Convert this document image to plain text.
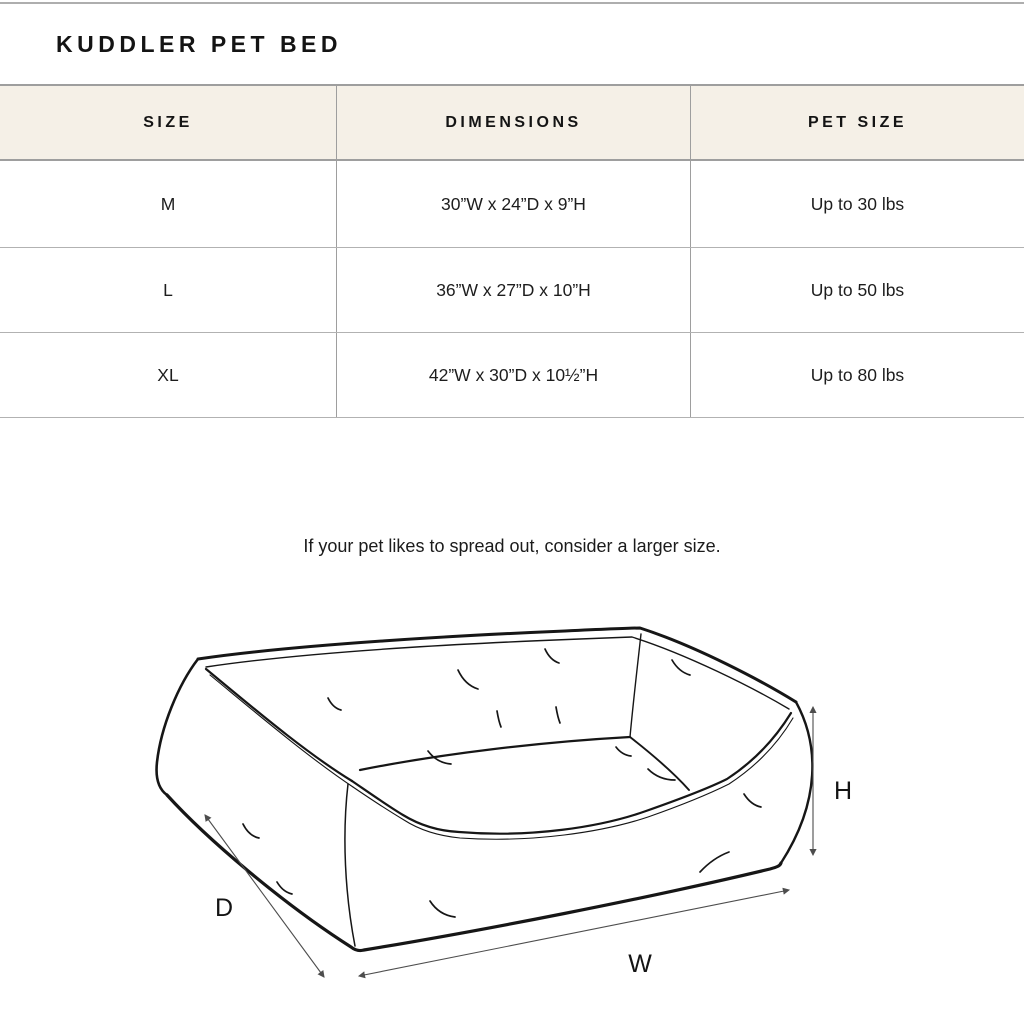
KUDDLER PET BED
SIZE	DIMENSIONS	PET SIZE
M	30”W x 24”D x 9”H	Up to 30 lbs
L	36”W x 27”D x 10”H	Up to 50 lbs
XL	42”W x 30”D x 10½”H	Up to 80 lbs

If your pet likes to spread out, consider a larger size.

H
W
D
